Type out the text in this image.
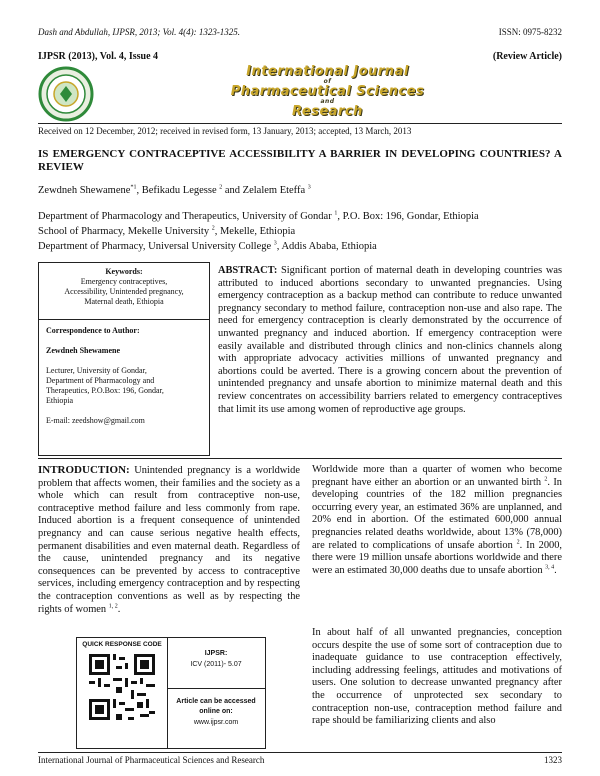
Dash and Abdullah, IJPSR, 2013; Vol. 4(4): 1323-1325.	ISSN: 0975-8232
IJPSR (2013), Vol. 4, Issue 4	(Review Article)
International Journal
of
Pharmaceutical Sciences
and
Research
Received on 12 December, 2012; received in revised form, 13 January, 2013; accepted, 13 March, 2013
IS EMERGENCY CONTRACEPTIVE ACCESSIBILITY A BARRIER IN DEVELOPING COUNTRIES? A REVIEW
Zewdneh Shewamene$^{*1}$, Befikadu Legesse $^2$ and Zelalem Eteffa $^3$
Department of Pharmacology and Therapeutics, University of Gondar $^1$, P.O. Box: 196, Gondar, Ethiopia
School of Pharmacy, Mekelle University $^2$, Mekelle, Ethiopia
Department of Pharmacy, Universal University College $^3$, Addis Ababa, Ethiopia
Keywords:
Emergency contraceptives,
Accessibility, Unintended pregnancy,
Maternal death, Ethiopia
Correspondence to Author:
Zewdneh Shewamene
Lecturer, University of Gondar,
Department of Pharmacology and
Therapeutics, P.O.Box: 196, Gondar,
Ethiopia
E-mail: zeedshow@gmail.com
ABSTRACT: Significant portion of maternal death in developing countries was attributed to induced abortions secondary to unwanted pregnancies. Using emergency contraception as a backup method can contribute to reduce unwanted pregnancy secondary to method failure, contraception non-use and also rape. The need for emergency contraception is clearly demonstrated by the occurrence of unwanted pregnancy and induced abortion. If emergency contraception were easily available and distributed through clinics and non-clinics channels along with appropriate advocacy activities millions of unwanted pregnancy and abortions could be averted. There is a growing concern about the prevention of unintended pregnancy and unsafe abortion to minimize maternal death and this review concentrates on accessibility barriers related to emergency contraceptives that limit its use among women of reproductive age groups.
INTRODUCTION: Unintended pregnancy is a worldwide problem that affects women, their families and the society as a whole which can result from contraceptive non-use, contraceptive method failure and less commonly from rape. Induced abortion is a frequent consequence of unintended pregnancy and can cause serious negative health effects, permanent disabilities and even maternal death. Regardless of the cause, unintended pregnancy and its negative consequences can be prevented by access to contraceptive services, including emergency contraception and by respecting the contraception conventions as well as by respecting the rights of women $^{1, 2}$.
QUICK RESPONSE CODE
IJPSR:
ICV (2011)- 5.07
Article can be accessed online on:
www.ijpsr.com
Worldwide more than a quarter of women who become pregnant have either an abortion or an unwanted birth $^2$. In developing countries of the 182 million pregnancies occurring every year, an estimated 36% are unplanned, and 20% end in abortion. Of the estimated 600,000 annual pregnancies related deaths worldwide, about 13% (78,000) are related to complications of unsafe abortion $^2$. In 2000, there were 19 million unsafe abortions worldwide and there were an estimated 30,000 deaths due to unsafe abortion $^{3, 4}$.
In about half of all unwanted pregnancies, conception occurs despite the use of some sort of contraception due to inadequate guidance to use contraception effectively, including addressing feelings, attitudes and motivations of users. One solution to decrease unwanted pregnancy after the occurrence of unprotected sex secondary to contraception non-use, contraception method failure and rape should be familiarizing clients and also
International Journal of Pharmaceutical Sciences and Research	1323
